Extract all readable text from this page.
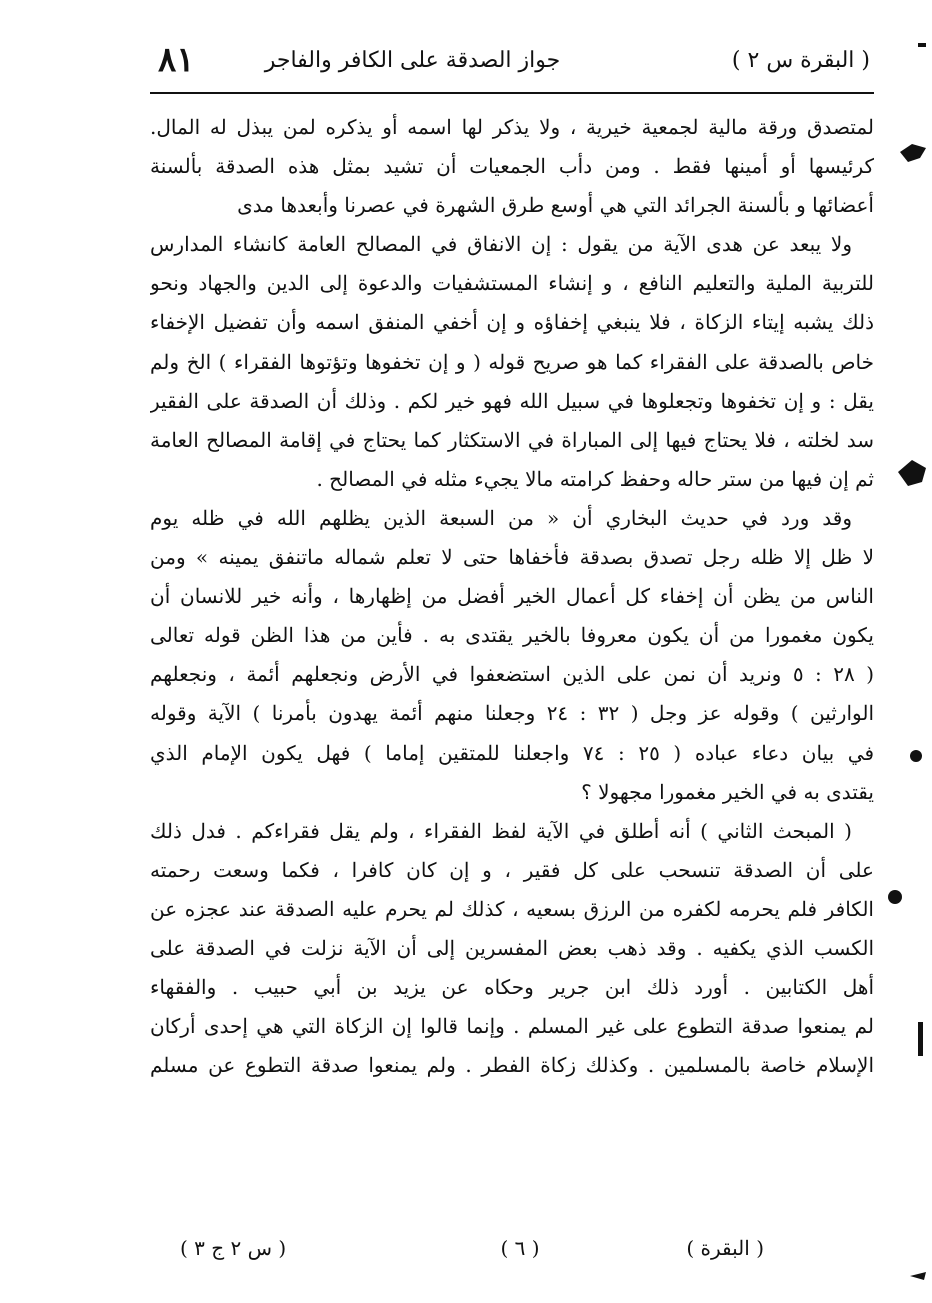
( البقرة س ٢ )
جواز الصدقة على الكافر والفاجر
٨١
لمتصدق ورقة مالية لجمعية خيرية ، ولا يذكر لها اسمه أو يذكره لمن يبذل له المال.
كرئيسها أو أمينها فقط . ومن دأب الجمعيات أن تشيد بمثل هذه الصدقة بألسنة
أعضائها و بألسنة الجرائد التي هي أوسع طرق الشهرة في عصرنا وأبعدها مدى
ولا يبعد عن هدى الآية من يقول : إن الانفاق في المصالح العامة كانشاء المدارس
للتربية الملية والتعليم النافع ، و إنشاء المستشفيات والدعوة إلى الدين والجهاد ونحو
ذلك يشبه إيتاء الزكاة ، فلا ينبغي إخفاؤه و إن أخفي المنفق اسمه وأن تفضيل الإخفاء
خاص بالصدقة على الفقراء كما هو صريح قوله ( و إن تخفوها وتؤتوها الفقراء ) الخ ولم
يقل : و إن تخفوها وتجعلوها في سبيل الله فهو خير لكم . وذلك أن الصدقة على الفقير
سد لخلته ، فلا يحتاج فيها إلى المباراة في الاستكثار كما يحتاج في إقامة المصالح العامة
ثم إن فيها من ستر حاله وحفظ كرامته مالا يجيء مثله في المصالح .
وقد ورد في حديث البخاري أن « من السبعة الذين يظلهم الله في ظله يوم
لا ظل إلا ظله رجل تصدق بصدقة فأخفاها حتى لا تعلم شماله ماتنفق يمينه » ومن
الناس من يظن أن إخفاء كل أعمال الخير أفضل من إظهارها ، وأنه خير للانسان أن
يكون مغمورا من أن يكون معروفا بالخير يقتدى به . فأين من هذا الظن قوله تعالى
( ٢٨ : ٥ ونريد أن نمن على الذين استضعفوا في الأرض ونجعلهم أئمة ، ونجعلهم
الوارثين ) وقوله عز وجل ( ٣٢ : ٢٤ وجعلنا منهم أئمة يهدون بأمرنا ) الآية وقوله
في بيان دعاء عباده ( ٢٥ : ٧٤ واجعلنا للمتقين إماما ) فهل يكون الإمام الذي
يقتدى به في الخير مغمورا مجهولا ؟
( المبحث الثاني ) أنه أطلق في الآية لفظ الفقراء ، ولم يقل فقراءكم . فدل ذلك
على أن الصدقة تنسحب على كل فقير ، و إن كان كافرا ، فكما وسعت رحمته
الكافر فلم يحرمه لكفره من الرزق بسعيه ، كذلك لم يحرم عليه الصدقة عند عجزه عن
الكسب الذي يكفيه . وقد ذهب بعض المفسرين إلى أن الآية نزلت في الصدقة على
أهل الكتابين . أورد ذلك ابن جرير وحكاه عن يزيد بن أبي حبيب . والفقهاء
لم يمنعوا صدقة التطوع على غير المسلم . وإنما قالوا إن الزكاة التي هي إحدى أركان
الإسلام خاصة بالمسلمين . وكذلك زكاة الفطر . ولم يمنعوا صدقة التطوع عن مسلم
( البقرة )
( ٦ )
( س ٢ ج ٣ )
